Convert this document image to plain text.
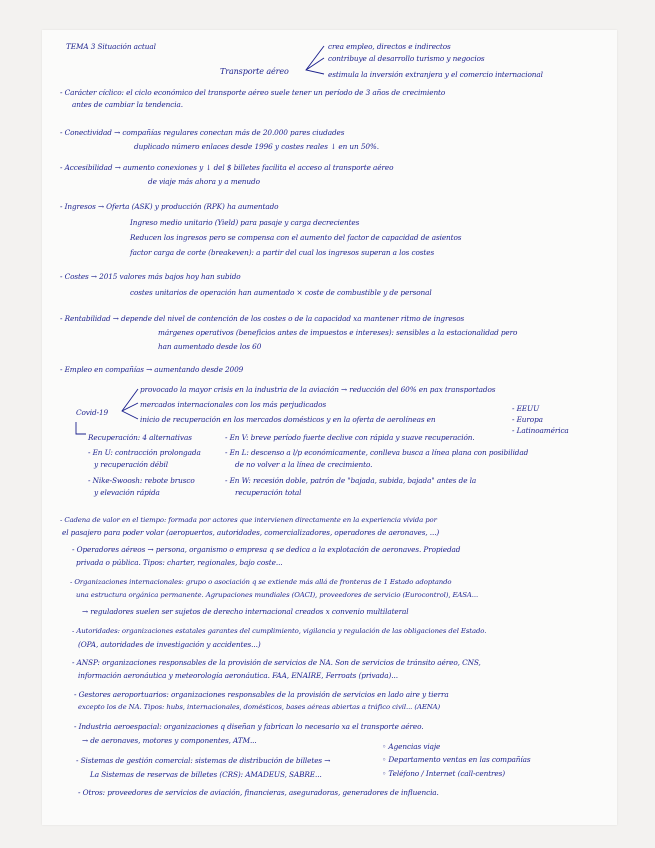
TEMA 3 Situación actual	crea empleo, directos e indirectos
Transporte aéreo
contribuye al desarrollo turismo y negocios
estimula la inversión extranjera y el comercio internacional
- Carácter cíclico: el ciclo económico del transporte aéreo suele tener un período de 3 años de crecimiento
antes de cambiar la tendencia.
- Conectividad → compañías regulares conectan más de 20.000 pares ciudades
duplicado número enlaces desde 1996 y costes reales ↓ en un 50%.
- Accesibilidad → aumento conexiones y ↓ del $ billetes facilita el acceso al transporte aéreo
de viaje más ahora y a menudo
- Ingresos → Oferta (ASK) y producción (RPK) ha aumentado
Ingreso medio unitario (Yield) para pasaje y carga decrecientes
Reducen los ingresos pero se compensa con el aumento del factor de capacidad de asientos
factor carga de corte (breakeven): a partir del cual los ingresos superan a los costes
- Costes → 2015 valores más bajos hoy han subido
costes unitarios de operación han aumentado × coste de combustible y de personal
- Rentabilidad → depende del nivel de contención de los costes o de la capacidad xa mantener ritmo de ingresos
márgenes operativos (beneficios antes de impuestos e intereses): sensibles a la estacionalidad pero
han aumentado desde los 60
- Empleo en compañías → aumentando desde 2009
provocado la mayor crisis en la industria de la aviación → reducción del 60% en pax transportados
mercados internacionales con los más perjudicados
Covid-19
inicio de recuperación en los mercados domésticos y en la oferta de aerolíneas en
- EEUU
- Europa
- Latinoamérica
Recuperación: 4 alternativas	- En V: breve período fuerte declive con rápida y suave recuperación.
- En U: contracción prolongada	- En L: descenso a l/p económicamente, conlleva busca a línea plana con posibilidad
y recuperación débil	de no volver a la línea de crecimiento.
- Nike-Swoosh: rebote brusco	- En W: recesión doble, patrón de "bajada, subida, bajada" antes de la
y elevación rápida	recuperación total
- Cadena de valor en el tiempo: formada por actores que intervienen directamente en la experiencia vivida por
el pasajero para poder volar (aeropuertos, autoridades, comercializadores, operadores de aeronaves, ...)
- Operadores aéreos → persona, organismo o empresa q se dedica a la explotación de aeronaves. Propiedad
privada o pública. Tipos: charter, regionales, bajo coste...
- Organizaciones internacionales: grupo o asociación q se extiende más allá de fronteras de 1 Estado adoptando
una estructura orgánica permanente. Agrupaciones mundiales (OACI), proveedores de servicio (Eurocontrol), EASA...
→ reguladores suelen ser sujetos de derecho internacional creados x convenio multilateral
- Autoridades: organizaciones estatales garantes del cumplimiento, vigilancia y regulación de las obligaciones del Estado.
(OPA, autoridades de investigación y accidentes...)
- ANSP: organizaciones responsables de la provisión de servicios de NA. Son de servicios de tránsito aéreo, CNS,
información aeronáutica y meteorología aeronáutica. FAA, ENAIRE, Ferroats (privada)...
- Gestores aeroportuarios: organizaciones responsables de la provisión de servicios en lado aire y tierra
excepto los de NA. Tipos: hubs, internacionales, domésticos, bases aéreas abiertas a tráfico civil... (AENA)
- Industria aeroespacial: organizaciones q diseñan y fabrican lo necesario xa el transporte aéreo.
→ de aeronaves, motores y componentes, ATM...
◦ Agencias viaje
- Sistemas de gestión comercial: sistemas de distribución de billetes →	◦ Departamento ventas en las compañías
La Sistemas de reservas de billetes (CRS): AMADEUS, SABRE...	◦ Teléfono / Internet (call-centres)
- Otros: proveedores de servicios de aviación, financieras, aseguradoras, generadores de influencia.
